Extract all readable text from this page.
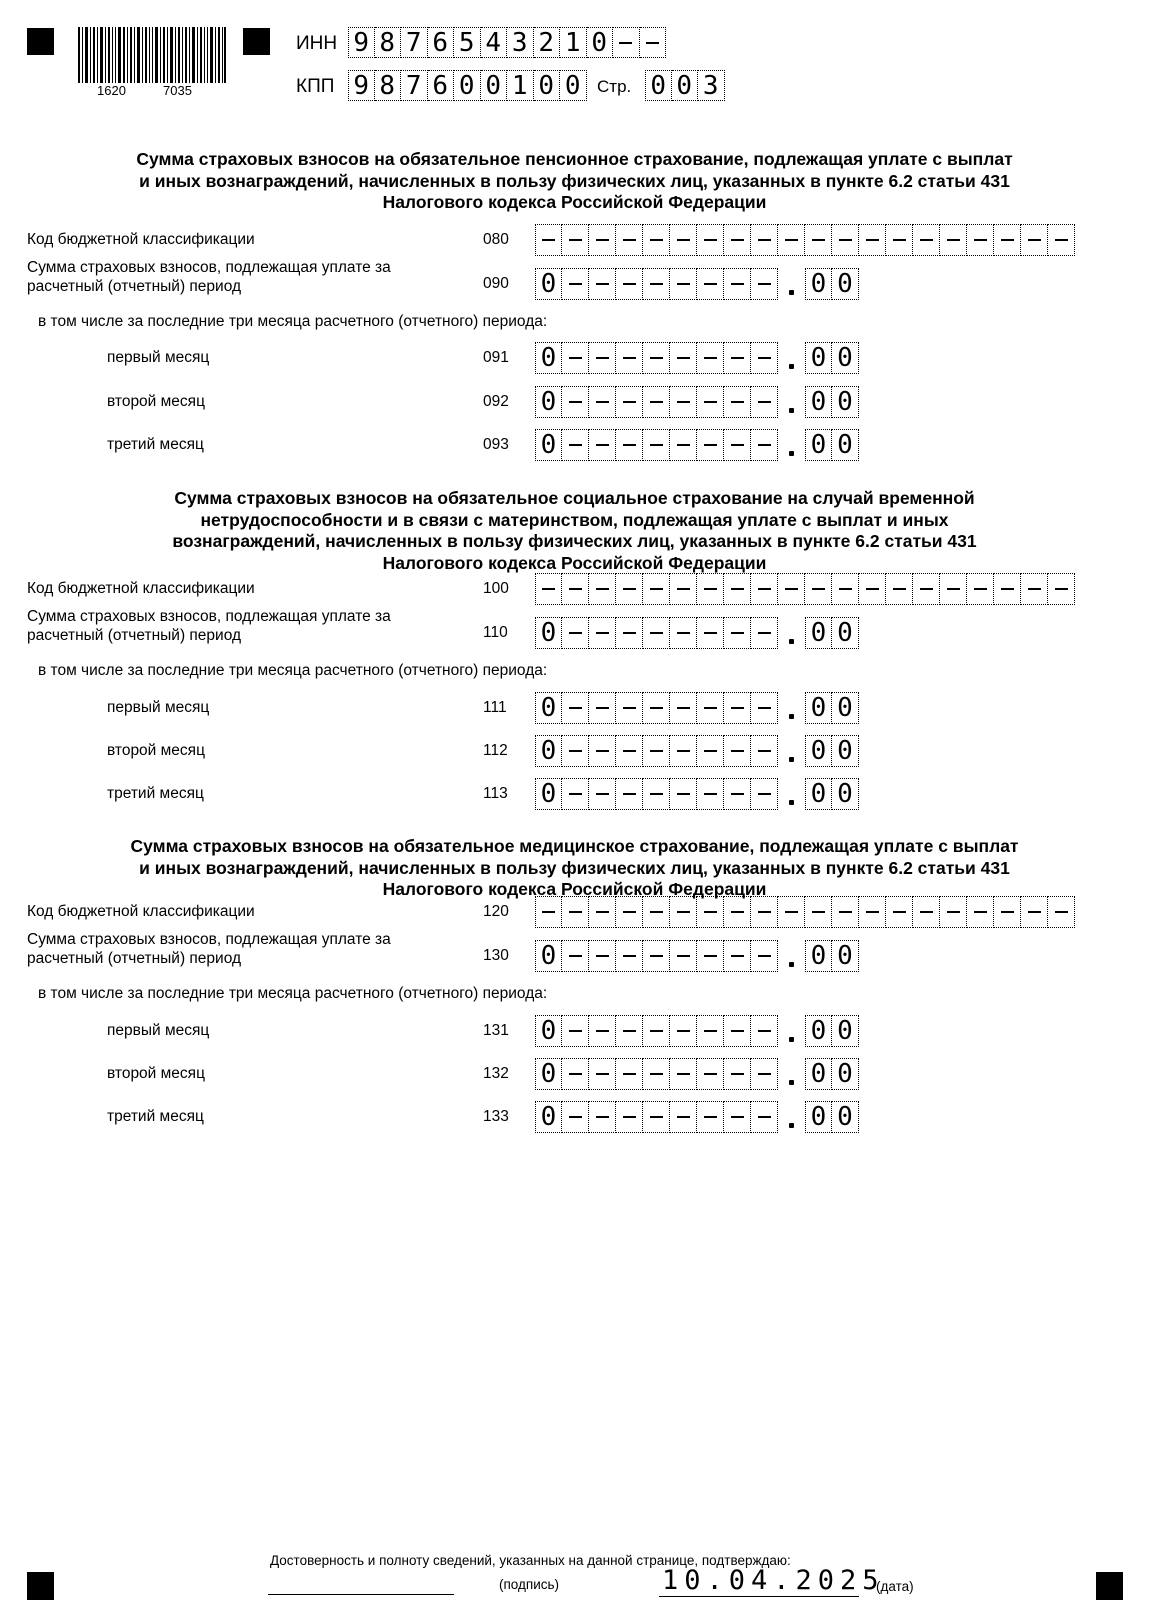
1620	7035
ИНН 9 8 7 6 5 4 3 2 1 0
КПП 9 8 7 6 0 0 1 0 0 Стр. 0 0 3
Сумма страховых взносов на обязательное пенсионное страхование, подлежащая уплате с выплат
и иных вознаграждений, начисленных в пользу физических лиц, указанных в пункте 6.2 статьи 431
Налогового кодекса Российской Федерации
Код бюджетной классификации	080
Сумма страховых взносов, подлежащая уплате за
расчетный (отчетный) период	090 0	0 0
в том числе за последние три месяца расчетного (отчетного) периода:
первый месяц	091 0	0 0
второй месяц	092 0	0 0
третий месяц	093 0	0 0
Сумма страховых взносов на обязательное социальное страхование на случай временной
нетрудоспособности и в связи с материнством, подлежащая уплате с выплат и иных
вознаграждений, начисленных в пользу физических лиц, указанных в пункте 6.2 статьи 431
Налогового кодекса Российской Федерации
Код бюджетной классификации	100
Сумма страховых взносов, подлежащая уплате за
расчетный (отчетный) период	110 0	0 0
в том числе за последние три месяца расчетного (отчетного) периода:
первый месяц	111 0	0 0
второй месяц	112 0	0 0
третий месяц	113 0	0 0
Сумма страховых взносов на обязательное медицинское страхование, подлежащая уплате с выплат
и иных вознаграждений, начисленных в пользу физических лиц, указанных в пункте 6.2 статьи 431
Налогового кодекса Российской Федерации
Код бюджетной классификации	120
Сумма страховых взносов, подлежащая уплате за
расчетный (отчетный) период	130 0	0 0
в том числе за последние три месяца расчетного (отчетного) периода:
первый месяц	131 0	0 0
второй месяц	132 0	0 0
третий месяц	133 0	0 0
Достоверность и полноту сведений, указанных на данной странице, подтверждаю:
(подпись)	10.04.2025
(дата)
